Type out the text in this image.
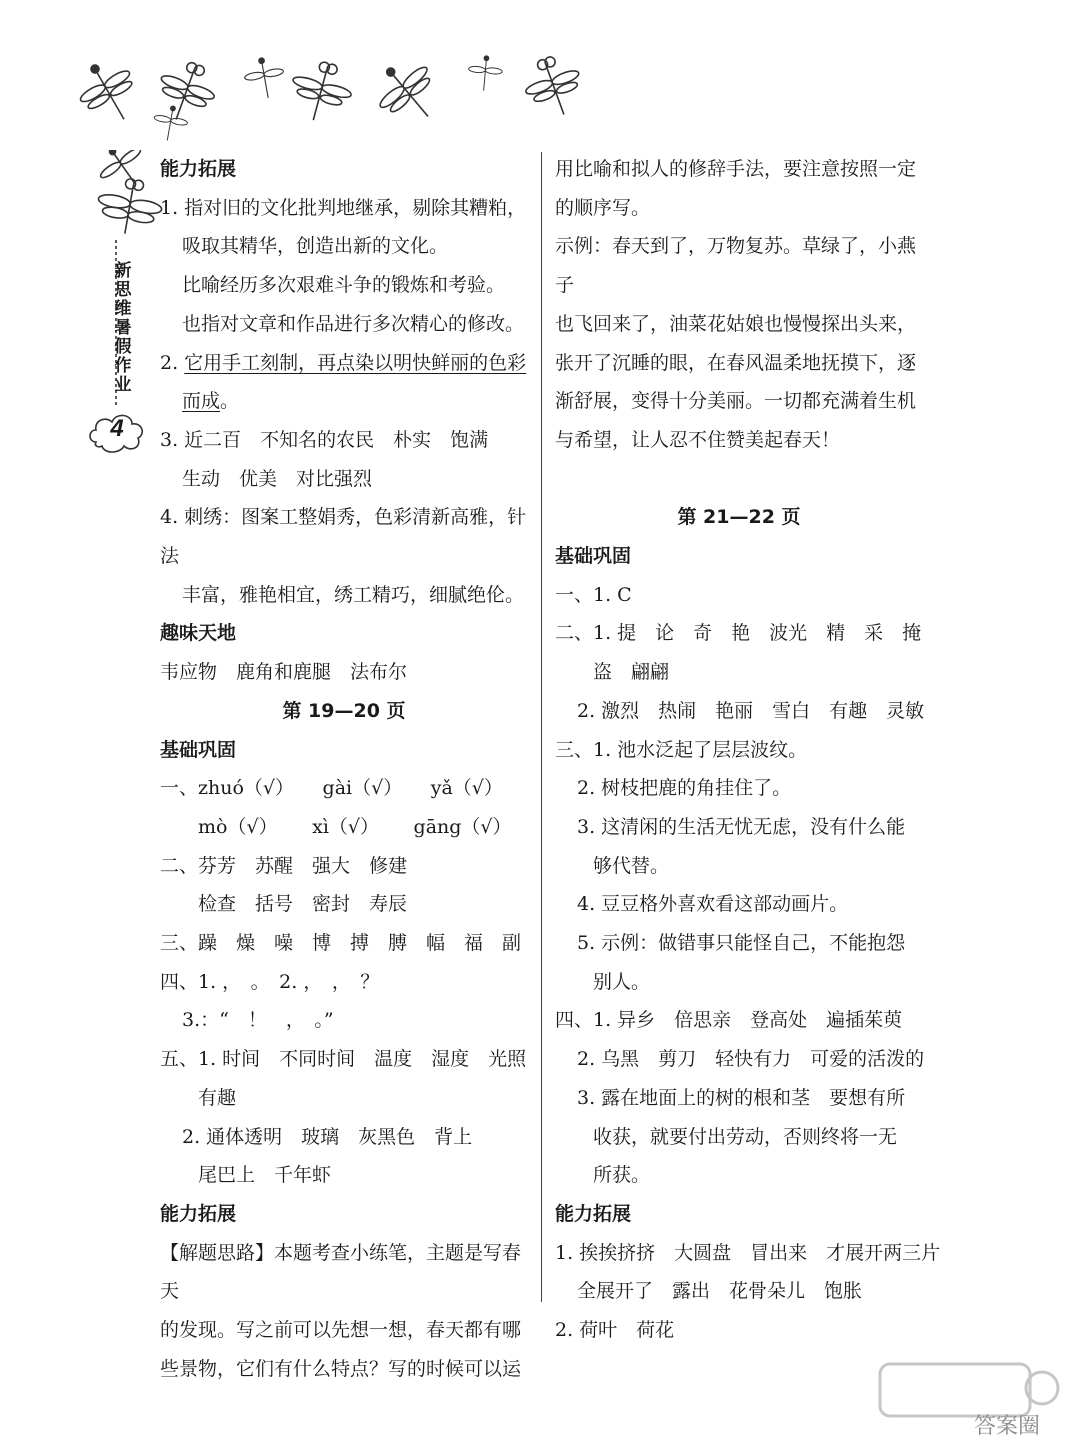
新思维暑假作业
4
能力拓展
1. 指对旧的文化批判地继承，剔除其糟粕，
吸取其精华，创造出新的文化。
比喻经历多次艰难斗争的锻炼和考验。
也指对文章和作品进行多次精心的修改。
2. 它用手工刻制，再点染以明快鲜丽的色彩
而成。
3. 近二百　不知名的农民　朴实　饱满
生动　优美　对比强烈
4. 刺绣：图案工整娟秀，色彩清新高雅，针法
丰富，雅艳相宜，绣工精巧，细腻绝伦。
趣味天地
韦应物　鹿角和鹿腿　法布尔
第 19—20 页
基础巩固
一、zhuó（√）　　gài（√）　　yǎ（√）
mò（√）　　 xì（√）　　 gāng（√）
二、芬芳　苏醒　强大　修建
检查　括号　密封　寿辰
三、躁　燥　噪　博　搏　膊　幅　福　副
四、1. ，　。　2. ，　，　？
3.：“　！　，　。”
五、1. 时间　不同时间　温度　湿度　光照
有趣
2. 通体透明　玻璃　灰黑色　背上
尾巴上　千年虾
能力拓展
【解题思路】本题考查小练笔，主题是写春天
的发现。写之前可以先想一想，春天都有哪
些景物，它们有什么特点？写的时候可以运
用比喻和拟人的修辞手法，要注意按照一定
的顺序写。
示例：春天到了，万物复苏。草绿了，小燕子
也飞回来了，油菜花姑娘也慢慢探出头来，
张开了沉睡的眼，在春风温柔地抚摸下，逐
渐舒展，变得十分美丽。一切都充满着生机
与希望，让人忍不住赞美起春天！
第 21—22 页
基础巩固
一、1. C
二、1. 提　论　奇　艳　波光　精　采　掩
盗　翩翩
2. 激烈　热闹　艳丽　雪白　有趣　灵敏
三、1. 池水泛起了层层波纹。
2. 树枝把鹿的角挂住了。
3. 这清闲的生活无忧无虑，没有什么能
够代替。
4. 豆豆格外喜欢看这部动画片。
5. 示例：做错事只能怪自己，不能抱怨
别人。
四、1. 异乡　倍思亲　登高处　遍插茱萸
2. 乌黑　剪刀　轻快有力　可爱的活泼的
3. 露在地面上的树的根和茎　要想有所
收获，就要付出劳动，否则终将一无
所获。
能力拓展
1. 挨挨挤挤　大圆盘　冒出来　才展开两三片
全展开了　露出　花骨朵儿　饱胀
2. 荷叶　荷花
答案圈
